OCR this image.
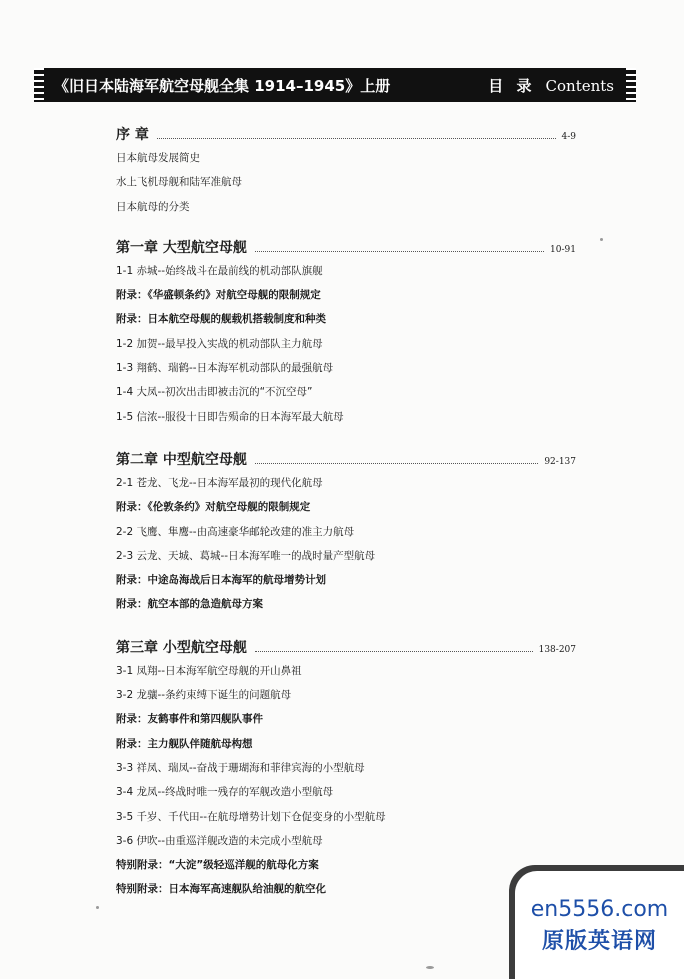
《旧日本陆海军航空母舰全集 1914–1945》上册	目 录 Contents
序 章	4-9
日本航母发展简史
水上飞机母舰和陆军准航母
日本航母的分类
第一章 大型航空母舰	10-91
1-1 赤城--始终战斗在最前线的机动部队旗舰
附录：《华盛顿条约》对航空母舰的限制规定
附录：日本航空母舰的舰载机搭载制度和种类
1-2 加贺--最早投入实战的机动部队主力航母
1-3 翔鹤、瑞鹤--日本海军机动部队的最强航母
1-4 大凤--初次出击即被击沉的“不沉空母”
1-5 信浓--服役十日即告殒命的日本海军最大航母
第二章 中型航空母舰	92-137
2-1 苍龙、飞龙--日本海军最初的现代化航母
附录：《伦敦条约》对航空母舰的限制规定
2-2 飞鹰、隼鹰--由高速豪华邮轮改建的准主力航母
2-3 云龙、天城、葛城--日本海军唯一的战时量产型航母
附录：中途岛海战后日本海军的航母增势计划
附录：航空本部的急造航母方案
第三章 小型航空母舰	138-207
3-1 凤翔--日本海军航空母舰的开山鼻祖
3-2 龙骧--条约束缚下诞生的问题航母
附录：友鹤事件和第四舰队事件
附录：主力舰队伴随航母构想
3-3 祥凤、瑞凤--奋战于珊瑚海和菲律宾海的小型航母
3-4 龙凤--终战时唯一残存的军舰改造小型航母
3-5 千岁、千代田--在航母增势计划下仓促变身的小型航母
3-6 伊吹--由重巡洋舰改造的未完成小型航母
特别附录：“大淀”级轻巡洋舰的航母化方案
特别附录：日本海军高速舰队给油舰的航空化
en5556.com
原版英语网
